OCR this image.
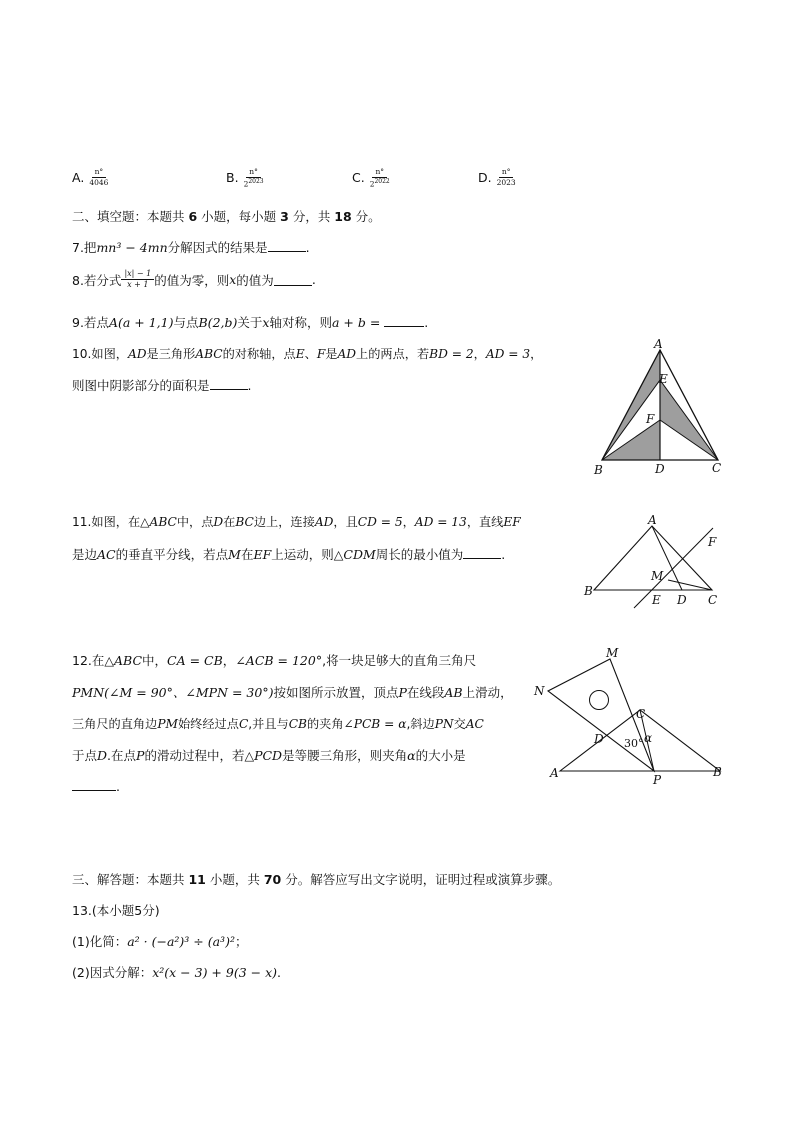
A. $\frac{n^\circ}{4046}$	B. $\frac{n^\circ}{2^{2023}}$	C. $\frac{n^\circ}{2^{2022}}$	D. $\frac{n^\circ}{2023}$
二、填空题：本题共 6 小题，每小题 3 分，共 18 分。
7.把mn³ − 4mn分解因式的结果是	.
8.若分式 $\frac{|x| - 1}{x + 1}$ 的值为零，则 x 的值为	.
9.若点A(a + 1,1)与点B(2,b)关于x轴对称，则a + b =	.
10.如图，AD是三角形ABC的对称轴，点E、F是AD上的两点，若BD = 2，AD = 3，
则图中阴影部分的面积是	.
A
E
F
B	D	C
11.如图，在△ABC中，点D在BC边上，连接AD，且CD = 5，AD = 13，直线EF
是边AC的垂直平分线，若点M在EF上运动，则△CDM周长的最小值为	.
A
F
M
B
E D C
12.在△ABC中，CA = CB，∠ACB = 120°,将一块足够大的直角三角尺
PMN(∠M = 90°、∠MPN = 30°)按如图所示放置，顶点P在线段AB上滑动，
三角尺的直角边PM始终经过点C,并且与CB的夹角∠PCB = α,斜边PN交AC
于点D.在点P的滑动过程中，若△PCD是等腰三角形，则夹角α的大小是
.
M
N
C
D 30° α
A	P
B
三、解答题：本题共 11 小题，共 70 分。解答应写出文字说明，证明过程或演算步骤。
13.(本小题5分)
(1)化简：a² · (−a²)³ ÷ (a³)²；
(2)因式分解：x²(x − 3) + 9(3 − x).
